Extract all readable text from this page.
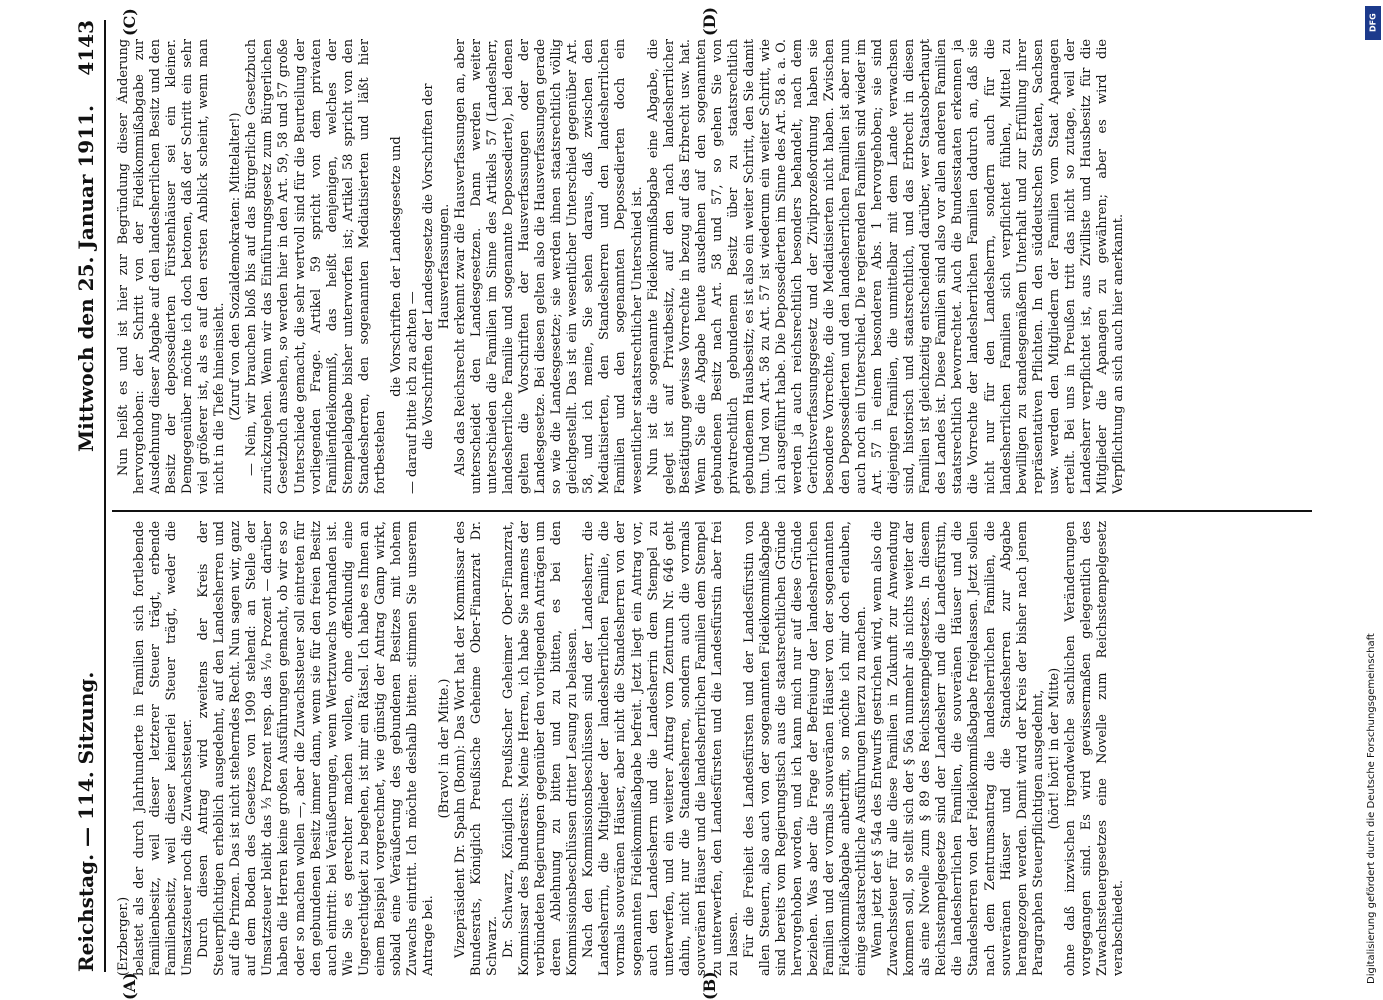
Reichstag. — 114. Sitzung.
Mittwoch den 25. Januar 1911.
4143
(A)	(B)
(C)	(D)

(Erzberger.) belastet als der durch Jahrhunderte in Familien sich fortlebende Familienbesitz, weil dieser letzterer Steuer trägt, erbende Familienbesitz, weil dieser keinerlei Steuer trägt, weder die Umsatzsteuer noch die Zuwachssteuer. Durch diesen Antrag wird zweitens der Kreis der Steuerpflichtigen erheblich ausgedehnt, auf den Landesherren und auf die Prinzen. Das ist nicht steherndes Recht. Nun sagen wir, ganz auf dem Boden des Gesetzes von 1909 stehend: an Stelle der Umsatzsteuer bleibt das ⅓ Prozent resp. das ⅒ Prozent — darüber haben die Herren keine großen Ausführungen gemacht, ob wir es so oder so machen wollen —, aber die Zuwachssteuer soll eintreten für den gebundenen Besitz immer dann, wenn sie für den freien Besitz auch eintritt: bei Veräußerungen, wenn Wertzuwachs vorhanden ist. Wie Sie es gerechter machen wollen, ohne offenkundig eine Ungerechtigkeit zu begehen, ist mir ein Rätsel. Ich habe es Ihnen an einem Beispiel vorgerechnet, wie günstig der Antrag Gamp wirkt, sobald eine Veräußerung des gebundenen Besitzes mit hohem Zuwachs eintritt. Ich möchte deshalb bitten: stimmen Sie unserem Antrage bei.

(Bravo! in der Mitte.) Vizepräsident Dr. Spahn (Bonn): Das Wort hat der Kommissar des Bundesrats, Königlich Preußische Geheime Ober-Finanzrat Dr. Schwarz. Dr. Schwarz, Königlich Preußischer Geheimer Ober-Finanzrat, Kommissar des Bundesrats: Meine Herren, ich habe Sie namens der verbündeten Regierungen gegenüber den vorliegenden Anträgen um deren Ablehnung zu bitten und zu bitten, es bei den Kommissionsbeschlüssen dritter Lesung zu belassen. Nach den Kommissionsbeschlüssen sind der Landesherr, die Landesherrin, die Mitglieder der landesherrlichen Familie, die vormals souveränen Häuser, aber nicht die Standesherren von der sogenannten Fideikommißabgabe befreit. Jetzt liegt ein Antrag vor, auch den Landesherrn und die Landesherrin dem Stempel zu unterwerfen, und ein weiterer Antrag vom Zentrum Nr. 646 geht dahin, nicht nur die Standesherren, sondern auch die vormals souveränen Häuser und die landesherrlichen Familien dem Stempel zu unterwerfen, den Landesfürsten und die Landesfürstin aber frei zu lassen. Für die Freiheit des Landesfürsten und der Landesfürstin von allen Steuern, also auch von der sogenannten Fideikommißabgabe sind bereits vom Regierungstisch aus die staatsrechtlichen Gründe hervorgehoben worden, und ich kann mich nur auf diese Gründe beziehen. Was aber die Frage der Befreiung der landesherrlichen Familien und der vormals souveränen Häuser von der sogenannten Fideikommißabgabe anbetrifft, so möchte ich mir doch erlauben, einige staatsrechtliche Ausführungen hierzu zu machen. Wenn jetzt der § 54a des Entwurfs gestrichen wird, wenn also die Zuwachssteuer für alle diese Familien in Zukunft zur Anwendung kommen soll, so stellt sich der § 56a nunmehr als nichts weiter dar als eine Novelle zum § 89 des Reichsstempelgesetzes. In diesem Reichsstempelgesetze sind der Landesherr und die Landesfürstin, die landesherrlichen Familien, die souveränen Häuser und die Standesherren von der Fideikommißabgabe freigelassen. Jetzt sollen nach dem Zentrumsantrag die landesherrlichen Familien, die souveränen Häuser und die Standesherren zur Abgabe herangezogen werden. Damit wird der Kreis der bisher nach jenem Paragraphen Steuerpflichtigen ausgedehnt, (hört! hört! in der Mitte) ohne daß inzwischen irgendwelche sachlichen Veränderungen vorgegangen sind. Es wird gewissermaßen gelegentlich des Zuwachssteuergesetzes eine Novelle zum Reichsstempelgesetz verabschiedet.

Nun heißt es und ist hier zur Begründung dieser Änderung hervorgehoben: der Schritt von der Fideikommißabgabe zur Ausdehnung dieser Abgabe auf den landesherrlichen Besitz und den Besitz der depossedierten Fürstenhäuser sei ein kleiner. Demgegenüber möchte ich doch betonen, daß der Schritt ein sehr viel größerer ist, als es auf den ersten Anblick scheint, wenn man nicht in die Tiefe hineinsieht. (Zuruf von den Sozialdemokraten: Mittelalter!) — Nein, wir brauchen bloß bis auf das Bürgerliche Gesetzbuch zurückzugehen. Wenn wir das Einführungsgesetz zum Bürgerlichen Gesetzbuch ansehen, so werden hier in den Art. 59, 58 und 57 große Unterschiede gemacht, die sehr wertvoll sind für die Beurteilung der vorliegenden Frage. Artikel 59 spricht von dem privaten Familienfideikommiß, das heißt denjenigen, welches der Stempelabgabe bisher unterworfen ist; Artikel 58 spricht von den Standesherren, den sogenannten Mediatisierten und läßt hier fortbestehen

die Vorschriften der Landesgesetze und — darauf bitte ich zu achten — die Vorschriften der Landesgesetze die Vorschriften der Hausverfassungen. Also das Reichsrecht erkennt zwar die Hausverfassungen an, aber unterscheidet den Landesgesetzen. Dann werden weiter unterschieden die Familien im Sinne des Artikels 57 (Landesherr, landesherrliche Familie und sogenannte Depossedierte), bei denen gelten die Vorschriften der Hausverfassungen oder der Landesgesetze. Bei diesen gelten also die Hausverfassungen gerade so wie die Landesgesetze; sie werden ihnen staatsrechtlich völlig gleichgestellt. Das ist ein wesentlicher Unterschied gegenüber Art. 58, und ich meine, Sie sehen daraus, daß zwischen den Mediatisierten, den Standesherren und den landesherrlichen Familien und den sogenannten Depossedierten doch ein wesentlicher staatsrechtlicher Unterschied ist. Nun ist die sogenannte Fideikommißabgabe eine Abgabe, die gelegt ist auf Privatbesitz, auf den nach landesherrlicher Bestätigung gewisse Vorrechte in bezug auf das Erbrecht usw. hat. Wenn Sie die Abgabe heute ausdehnen auf den sogenannten gebundenen Besitz nach Art. 58 und 57, so gehen Sie von privatrechtlich gebundenem Besitz über zu staatsrechtlich gebundenem Hausbesitz; es ist also ein weiter Schritt, den Sie damit tun. Und von Art. 58 zu Art. 57 ist wiederum ein weiter Schritt, wie ich ausgeführt habe. Die Depossedierten im Sinne des Art. 58 a. a. O. werden ja auch reichsrechtlich besonders behandelt, nach dem Gerichtsverfassungsgesetz und der Zivilprozeßordnung haben sie besondere Vorrechte, die die Mediatisierten nicht haben. Zwischen den Depossedierten und den landesherrlichen Familien ist aber nun auch noch ein Unterschied. Die regierenden Familien sind wieder im Art. 57 in einem besonderen Abs. 1 hervorgehoben; sie sind diejenigen Familien, die unmittelbar mit dem Lande verwachsen sind, historisch und staatsrechtlich, und das Erbrecht in diesen Familien ist gleichzeitig entscheidend darüber, wer Staatsoberhaupt des Landes ist. Diese Familien sind also vor allen anderen Familien staatsrechtlich bevorrechtet. Auch die Bundesstaaten erkennen ja die Vorrechte der landesherrlichen Familien dadurch an, daß sie nicht nur für den Landesherrn, sondern auch für die landesherrlichen Familien sich verpflichtet fühlen, Mittel zu bewilligen zu standesgemäßem Unterhalt und zur Erfüllung ihrer repräsentativen Pflichten. In den süddeutschen Staaten, Sachsen usw. werden den Mitgliedern der Familien vom Staat Apanagen erteilt. Bei uns in Preußen tritt das nicht so zutage, weil der Landesherr verpflichtet ist, aus Zivilliste und Hausbesitz für die Mitglieder die Apanagen zu gewähren; aber es wird die Verpflichtung an sich auch hier anerkannt.

DFG
Digitalisierung gefördert durch die Deutsche Forschungsgemeinschaft
